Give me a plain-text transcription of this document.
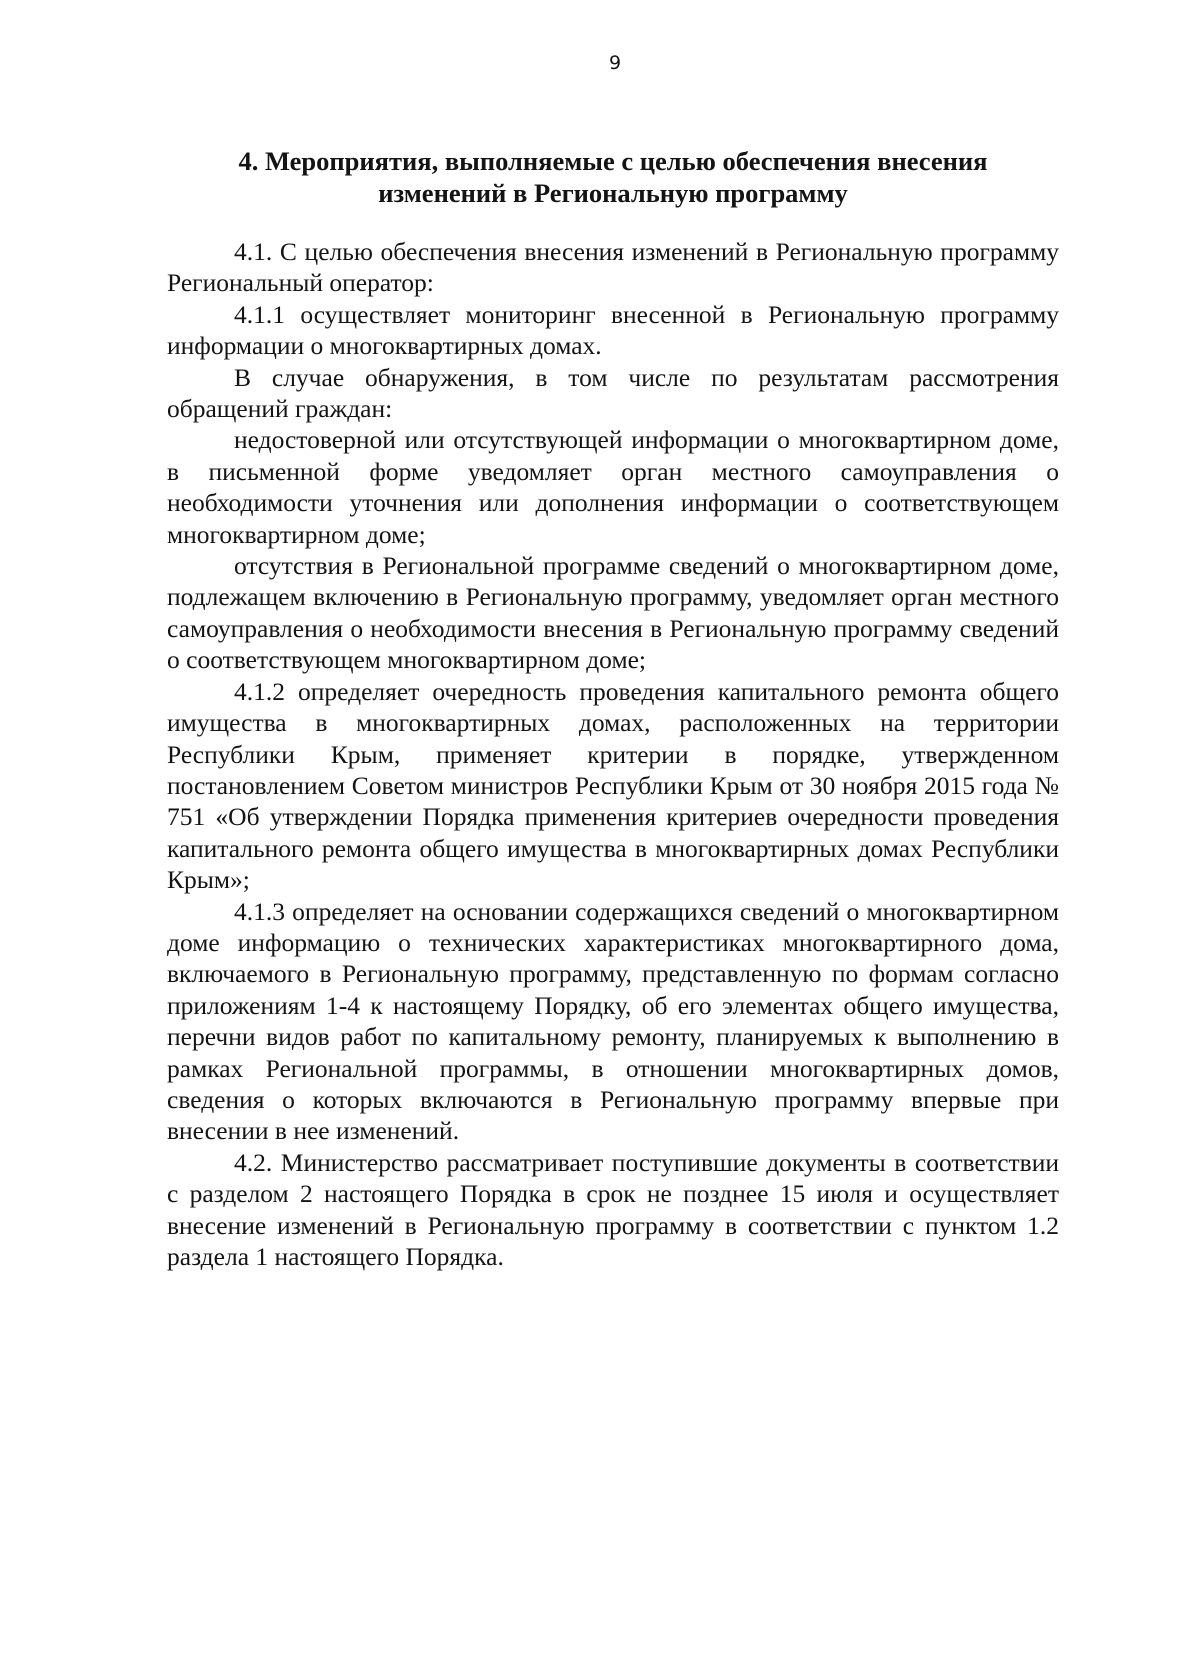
9
4. Мероприятия, выполняемые с целью обеспечения внесения
изменений в Региональную программу

4.1. С целью обеспечения внесения изменений в Региональную программу Региональный оператор:

4.1.1 осуществляет мониторинг внесенной в Региональную программу информации о многоквартирных домах.

В случае обнаружения, в том числе по результатам рассмотрения обращений граждан:

недостоверной или отсутствующей информации о многоквартирном доме, в письменной форме уведомляет орган местного самоуправления о необходимости уточнения или дополнения информации о соответствующем многоквартирном доме;

отсутствия в Региональной программе сведений о многоквартирном доме, подлежащем включению в Региональную программу, уведомляет орган местного самоуправления о необходимости внесения в Региональную программу сведений о соответствующем многоквартирном доме;

4.1.2 определяет очередность проведения капитального ремонта общего имущества в многоквартирных домах, расположенных на территории Республики Крым, применяет критерии в порядке, утвержденном постановлением Советом министров Республики Крым от 30 ноября 2015 года № 751 «Об утверждении Порядка применения критериев очередности проведения капитального ремонта общего имущества в многоквартирных домах Республики Крым»;

4.1.3 определяет на основании содержащихся сведений о многоквартирном доме информацию о технических характеристиках многоквартирного дома, включаемого в Региональную программу, представленную по формам согласно приложениям 1-4 к настоящему Порядку, об его элементах общего имущества, перечни видов работ по капитальному ремонту, планируемых к выполнению в рамках Региональной программы, в отношении многоквартирных домов, сведения о которых включаются в Региональную программу впервые при внесении в нее изменений.

4.2. Министерство рассматривает поступившие документы в соответствии с разделом 2 настоящего Порядка в срок не позднее 15 июля и осуществляет внесение изменений в Региональную программу в соответствии с пунктом 1.2 раздела 1 настоящего Порядка.
